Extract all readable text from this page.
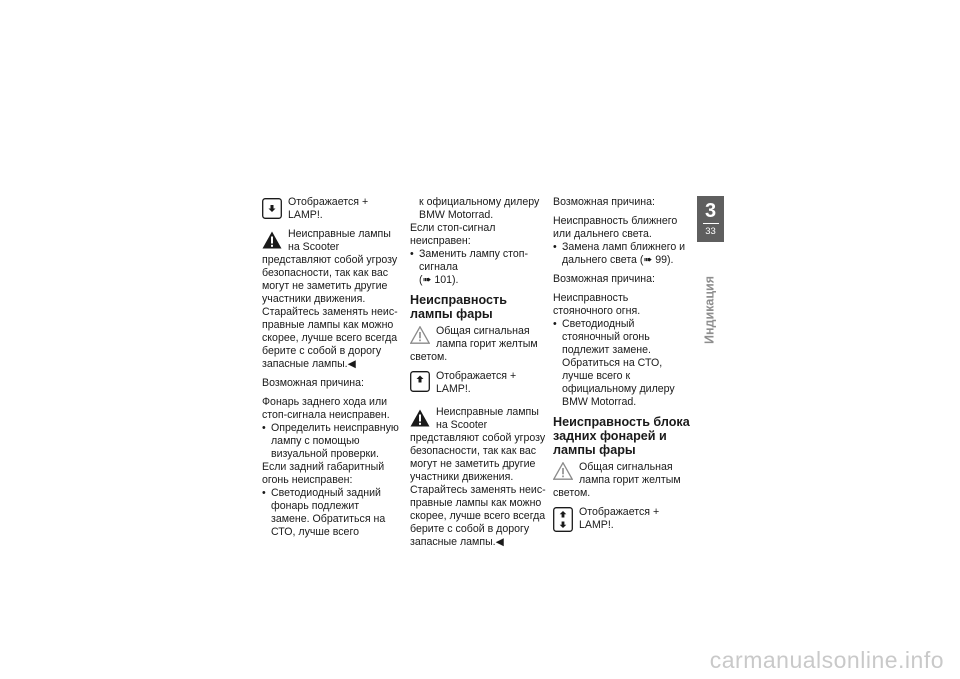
Отображается + LAMP!.
Неисправные лампы на Scooter представляют собой угрозу безопасности, так как вас могут не заметить другие участники движения. Старайтесь заменять неисправные лампы как можно скорее, лучше всего всегда берите с собой в дорогу запасные лампы.◀

Возможная причина:

Фонарь заднего хода или стоп-сигнала неисправен.

• Определить неисправную лампу с помощью визуальной проверки.

Если задний габаритный огонь неисправен:

• Светодиодный задний фонарь подлежит замене. Обратиться на СТО, лучше всего

к официальному дилеру BMW Motorrad.

Если стоп-сигнал неисправен:

• Заменить лампу стоп-сигнала
(➠ 101).
Неисправность лампы фары
Общая сигнальная лампа горит желтым светом.
Отображается + LAMP!.
Неисправные лампы на Scooter представляют собой угрозу безопасности, так как вас могут не заметить другие участники движения. Старайтесь заменять неисправные лампы как можно скорее, лучше всего всегда берите с собой в дорогу запасные лампы.◀

Возможная причина:

Неисправность ближнего или дальнего света.

• Замена ламп ближнего и дальнего света (➠ 99).

Возможная причина:

Неисправность стояночного огня.

• Светодиодный стояночный огонь подлежит замене. Обратиться на СТО, лучше всего к официальному дилеру BMW Motorrad.
Неисправность блока задних фонарей и лампы фары
Общая сигнальная лампа горит желтым светом.
Отображается + LAMP!.
3
33
Индикация
carmanualsonline.info
